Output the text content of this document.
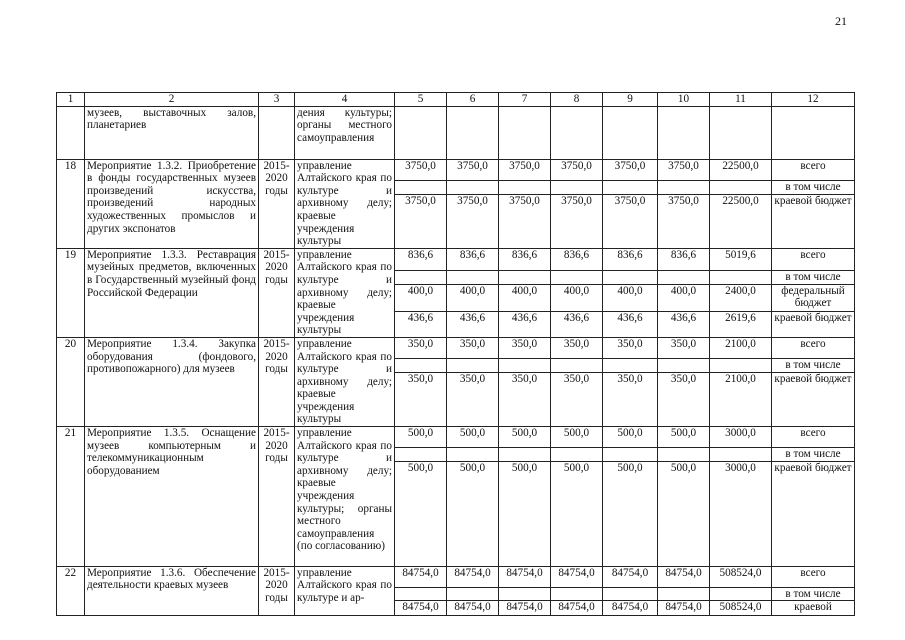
21
1	2	3	4	5	6	7	8	9	10	11	12
	музеев, выставочных залов, планетариев		дения культуры; органы местного самоуправления								
18	Мероприятие 1.3.2. Приобретение в фонды государственных музеев произведений искусства, произведений народных художественных промыслов и других экспонатов	2015-2020 годы	управление Алтайского края по культуре и архивному делу; краевые учреждения культуры	3750,0	3750,0	3750,0	3750,0	3750,0	3750,0	22500,0	всего
											в том числе
				3750,0	3750,0	3750,0	3750,0	3750,0	3750,0	22500,0	краевой бюджет
19	Мероприятие 1.3.3. Реставрация музейных предметов, включенных в Государственный музейный фонд Российской Федерации	2015-2020 годы	управление Алтайского края по культуре и архивному делу; краевые учреждения культуры	836,6	836,6	836,6	836,6	836,6	836,6	5019,6	всего
											в том числе
				400,0	400,0	400,0	400,0	400,0	400,0	2400,0	федеральный бюджет
				436,6	436,6	436,6	436,6	436,6	436,6	2619,6	краевой бюджет
20	Мероприятие 1.3.4. Закупка оборудования (фондового, противопожарного) для музеев	2015-2020 годы	управление Алтайского края по культуре и архивному делу; краевые учреждения культуры	350,0	350,0	350,0	350,0	350,0	350,0	2100,0	всего
											в том числе
				350,0	350,0	350,0	350,0	350,0	350,0	2100,0	краевой бюджет
21	Мероприятие 1.3.5. Оснащение музеев компьютерным и телекоммуникационным оборудованием	2015-2020 годы	управление Алтайского края по культуре и архивному делу; краевые учреждения культуры; органы местного самоуправления (по согласованию)	500,0	500,0	500,0	500,0	500,0	500,0	3000,0	всего
											в том числе
				500,0	500,0	500,0	500,0	500,0	500,0	3000,0	краевой бюджет
22	Мероприятие 1.3.6. Обеспечение деятельности краевых музеев	2015-2020 годы	управление Алтайского края по культуре и ар-	84754,0	84754,0	84754,0	84754,0	84754,0	84754,0	508524,0	всего
											в том числе
				84754,0	84754,0	84754,0	84754,0	84754,0	84754,0	508524,0	краевой
